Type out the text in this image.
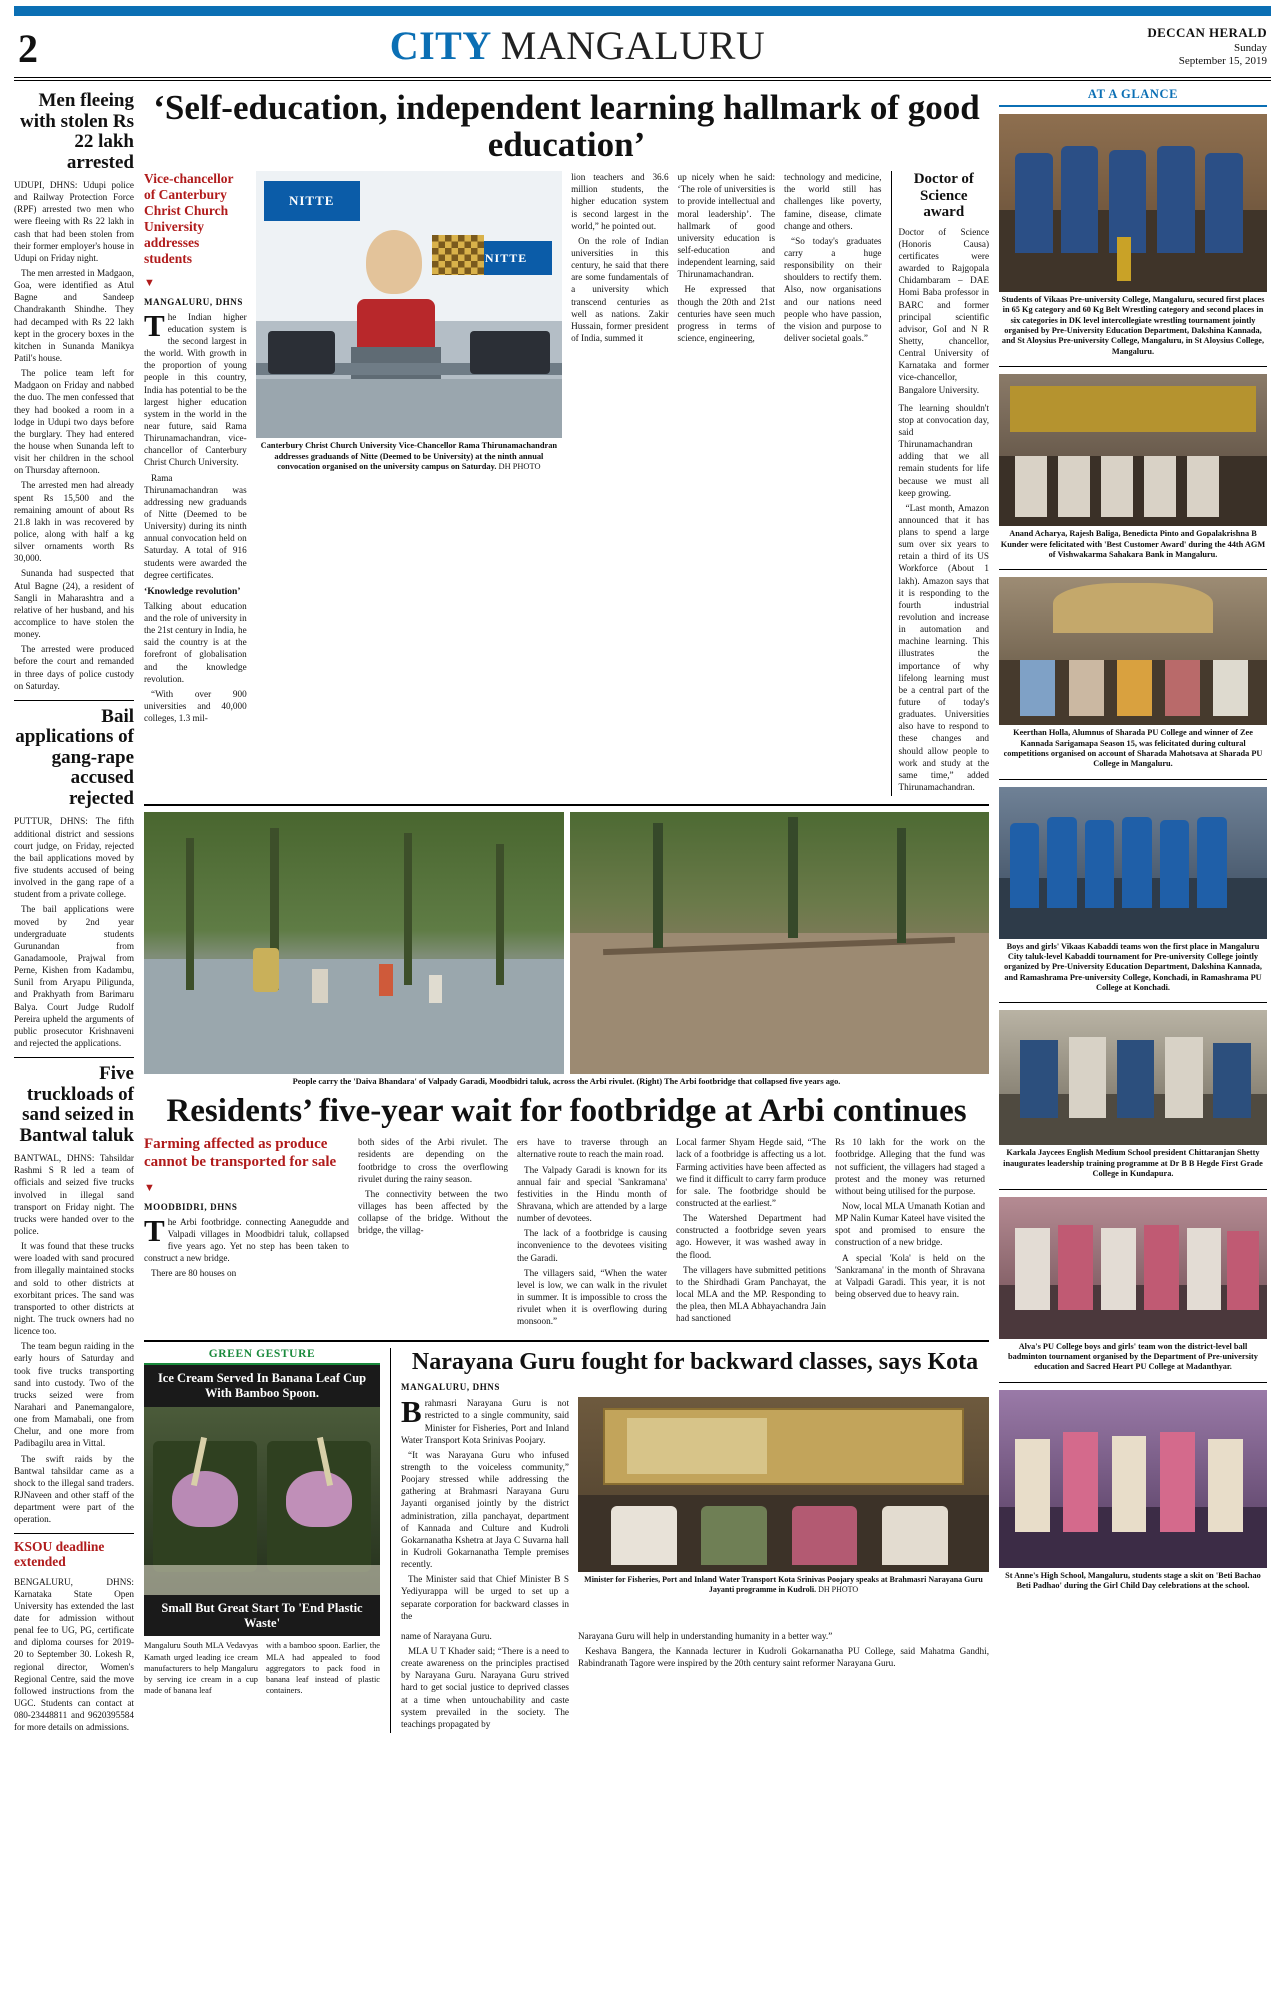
2	CITY MANGALURU	DECCAN HERALD
Sunday
September 15, 2019
Men fleeing with stolen Rs 22 lakh arrested

UDUPI, DHNS: Udupi police and Railway Protection Force (RPF) arrested two men who were fleeing with Rs 22 lakh in cash that had been stolen from their former employer's house in Udupi on Friday night.

The men arrested in Madgaon, Goa, were identified as Atul Bagne and Sandeep Chandrakanth Shindhe. They had decamped with Rs 22 lakh kept in the grocery boxes in the kitchen in Sunanda Manikya Patil's house.

The police team left for Madgaon on Friday and nabbed the duo. The men confessed that they had booked a room in a lodge in Udupi two days before the burglary. They had entered the house when Sunanda left to visit her children in the school on Thursday afternoon.

The arrested men had already spent Rs 15,500 and the remaining amount of about Rs 21.8 lakh in was recovered by police, along with half a kg silver ornaments worth Rs 30,000.

Sunanda had suspected that Atul Bagne (24), a resident of Sangli in Maharashtra and a relative of her husband, and his accomplice to have stolen the money.

The arrested were produced before the court and remanded in three days of police custody on Saturday.

Bail applications of gang-rape accused rejected

PUTTUR, DHNS: The fifth additional district and sessions court judge, on Friday, rejected the bail applications moved by five students accused of being involved in the gang rape of a student from a private college.

The bail applications were moved by 2nd year undergraduate students Gurunandan from Ganadamoole, Prajwal from Perne, Kishen from Kadambu, Sunil from Aryapu Piligunda, and Prakhyath from Barimaru Balya. Court Judge Rudolf Pereira upheld the arguments of public prosecutor Krishnaveni and rejected the applications.

Five truckloads of sand seized in Bantwal taluk

BANTWAL, DHNS: Tahsildar Rashmi S R led a team of officials and seized five trucks involved in illegal sand transport on Friday night. The trucks were handed over to the police.

It was found that these trucks were loaded with sand procured from illegally maintained stocks and sold to other districts at exorbitant prices. The sand was transported to other districts at night. The truck owners had no licence too.

The team begun raiding in the early hours of Saturday and took five trucks transporting sand into custody. Two of the trucks seized were from Narahari and Panemangalore, one from Mamabali, one from Chelur, and one more from Padibagilu area in Vittal.

The swift raids by the Bantwal tahsildar came as a shock to the illegal sand traders. RJNaveen and other staff of the department were part of the operation.

KSOU deadline extended

BENGALURU, DHNS: Karnataka State Open University has extended the last date for admission without penal fee to UG, PG, certificate and diploma courses for 2019-20 to September 30. Lokesh R, regional director, Women's Regional Centre, said the move followed instructions from the UGC. Students can contact at 080-23448811 and 9620395584 for more details on admissions.

‘Self-education, independent learning hallmark of good education’
Vice-chancellor of Canterbury Christ Church University addresses students
▼
MANGALURU, DHNS

The Indian higher education system is the second largest in the world. With growth in the proportion of young people in this country, India has potential to be the largest higher education system in the world in the near future, said Rama Thirunamachandran, vice-chancellor of Canterbury Christ Church University.

Rama Thirunamachandran was addressing new graduands of Nitte (Deemed to be University) during its ninth annual convocation held on Saturday. A total of 916 students were awarded the degree certificates.

‘Knowledge revolution’

Talking about education and the role of university in the 21st century in India, he said the country is at the forefront of globalisation and the knowledge revolution.

“With over 900 universities and 40,000 colleges, 1.3 mil-

NITTE
NITTE
Canterbury Christ Church University Vice-Chancellor Rama Thirunamachandran addresses graduands of Nitte (Deemed to be University) at the ninth annual convocation organised on the university campus on Saturday. DH PHOTO

lion teachers and 36.6 million students, the higher education system is second largest in the world,” he pointed out.

On the role of Indian universities in this century, he said that there are some fundamentals of a university which transcend centuries as well as nations. Zakir Hussain, former president of India, summed it

up nicely when he said: ‘The role of universities is to provide intellectual and moral leadership’. The hallmark of good university education is self-education and independent learning, said Thirunamachandran.

He expressed that though the 20th and 21st centuries have seen much progress in terms of science, engineering,

technology and medicine, the world still has challenges like poverty, famine, disease, climate change and others.

“So today's graduates carry a huge responsibility on their shoulders to rectify them. Also, now organisations and our nations need people who have passion, the vision and purpose to deliver societal goals.”

Doctor of Science award

Doctor of Science (Honoris Causa) certificates were awarded to Rajgopala Chidambaram – DAE Homi Baba professor in BARC and former principal scientific advisor, GoI and N R Shetty, chancellor, Central University of Karnataka and former vice-chancellor, Bangalore University.

The learning shouldn't stop at convocation day, said Thirunamachandran adding that we all remain students for life because we must all keep growing.

“Last month, Amazon announced that it has plans to spend a large sum over six years to retain a third of its US Workforce (About 1 lakh). Amazon says that it is responding to the fourth industrial revolution and increase in automation and machine learning. This illustrates the importance of why lifelong learning must be a central part of the future of today's graduates. Universities also have to respond to these changes and should allow people to work and study at the same time,” added Thirunamachandran.

People carry the 'Daiva Bhandara' of Valpady Garadi, Moodbidri taluk, across the Arbi rivulet. (Right) The Arbi footbridge that collapsed five years ago.
Residents’ five-year wait for footbridge at Arbi continues
Farming affected as produce cannot be transported for sale
▼
MOODBIDRI, DHNS

The Arbi footbridge. connecting Aanegudde and Valpadi villages in Moodbidri taluk, collapsed five years ago. Yet no step has been taken to construct a new bridge.

There are 80 houses on

both sides of the Arbi rivulet. The residents are depending on the footbridge to cross the overflowing rivulet during the rainy season.

The connectivity between the two villages has been affected by the collapse of the bridge. Without the bridge, the villag-

ers have to traverse through an alternative route to reach the main road.

The Valpady Garadi is known for its annual fair and special 'Sankramana' festivities in the Hindu month of Shravana, which are attended by a large number of devotees.

The lack of a footbridge is causing inconvenience to the devotees visiting the Garadi.

The villagers said, “When the water level is low, we can walk in the rivulet in summer. It is impossible to cross the rivulet when it is overflowing during monsoon.”

Local farmer Shyam Hegde said, “The lack of a footbridge is affecting us a lot. Farming activities have been affected as we find it difficult to carry farm produce for sale. The footbridge should be constructed at the earliest.”

The Watershed Department had constructed a footbridge seven years ago. However, it was washed away in the flood.

The villagers have submitted petitions to the Shirdhadi Gram Panchayat, the local MLA and the MP. Responding to the plea, then MLA Abhayachandra Jain had sanctioned

Rs 10 lakh for the work on the footbridge. Alleging that the fund was not sufficient, the villagers had staged a protest and the money was returned without being utilised for the purpose.

Now, local MLA Umanath Kotian and MP Nalin Kumar Kateel have visited the spot and promised to ensure the construction of a new bridge.

A special 'Kola' is held on the 'Sankramana' in the month of Shravana at Valpadi Garadi. This year, it is not being observed due to heavy rain.

GREEN GESTURE
Ice Cream Served In Banana Leaf Cup With Bamboo Spoon.
Small But Great Start To 'End Plastic Waste'

Mangaluru South MLA Vedavyas Kamath urged leading ice cream manufacturers to help Mangaluru by serving ice cream in a cup made of banana leaf

with a bamboo spoon. Earlier, the MLA had appealed to food aggregators to pack food in banana leaf instead of plastic containers.

Narayana Guru fought for backward classes, says Kota
MANGALURU, DHNS

Brahmasri Narayana Guru is not restricted to a single community, said Minister for Fisheries, Port and Inland Water Transport Kota Srinivas Poojary.

“It was Narayana Guru who infused strength to the voiceless community,” Poojary stressed while addressing the gathering at Brahmasri Narayana Guru Jayanti organised jointly by the district administration, zilla panchayat, department of Kannada and Culture and Kudroli Gokarnanatha Kshetra at Jaya C Suvarna hall in Kudroli Gokarnanatha Temple premises recently.

The Minister said that Chief Minister B S Yediyurappa will be urged to set up a separate corporation for backward classes in the

Minister for Fisheries, Port and Inland Water Transport Kota Srinivas Poojary speaks at Brahmasri Narayana Guru Jayanti programme in Kudroli. DH PHOTO

name of Narayana Guru.

MLA U T Khader said; “There is a need to create awareness on the principles practised by Narayana Guru. Narayana Guru strived hard to get social justice to deprived classes at a time when untouchability and caste system prevailed in the society. The teachings propagated by

Narayana Guru will help in understanding humanity in a better way.”

Keshava Bangera, the Kannada lecturer in Kudroli Gokarnanatha PU College, said Mahatma Gandhi, Rabindranath Tagore were inspired by the 20th century saint reformer Narayana Guru.

AT A GLANCE
Students of Vikaas Pre-university College, Mangaluru, secured first places in 65 Kg category and 60 Kg Belt Wrestling category and second places in six categories in DK level intercollegiate wrestling tournament jointly organised by Pre-University Education Department, Dakshina Kannada, and St Aloysius Pre-university College, Mangaluru, in St Aloysius College, Mangaluru.
Anand Acharya, Rajesh Baliga, Benedicta Pinto and Gopalakrishna B Kunder were felicitated with 'Best Customer Award' during the 44th AGM of Vishwakarma Sahakara Bank in Mangaluru.
Keerthan Holla, Alumnus of Sharada PU College and winner of Zee Kannada Sarigamapa Season 15, was felicitated during cultural competitions organised on account of Sharada Mahotsava at Sharada PU College in Mangaluru.
Boys and girls' Vikaas Kabaddi teams won the first place in Mangaluru City taluk-level Kabaddi tournament for Pre-university College jointly organized by Pre-University Education Department, Dakshina Kannada, and Ramashrama Pre-university College, Konchadi, in Ramashrama PU College at Konchadi.
Karkala Jaycees English Medium School president Chittaranjan Shetty inaugurates leadership training programme at Dr B B Hegde First Grade College in Kundapura.
Alva's PU College boys and girls' team won the district-level ball badminton tournament organised by the Department of Pre-university education and Sacred Heart PU College at Madanthyar.
St Anne's High School, Mangaluru, students stage a skit on 'Beti Bachao Beti Padhao' during the Girl Child Day celebrations at the school.
